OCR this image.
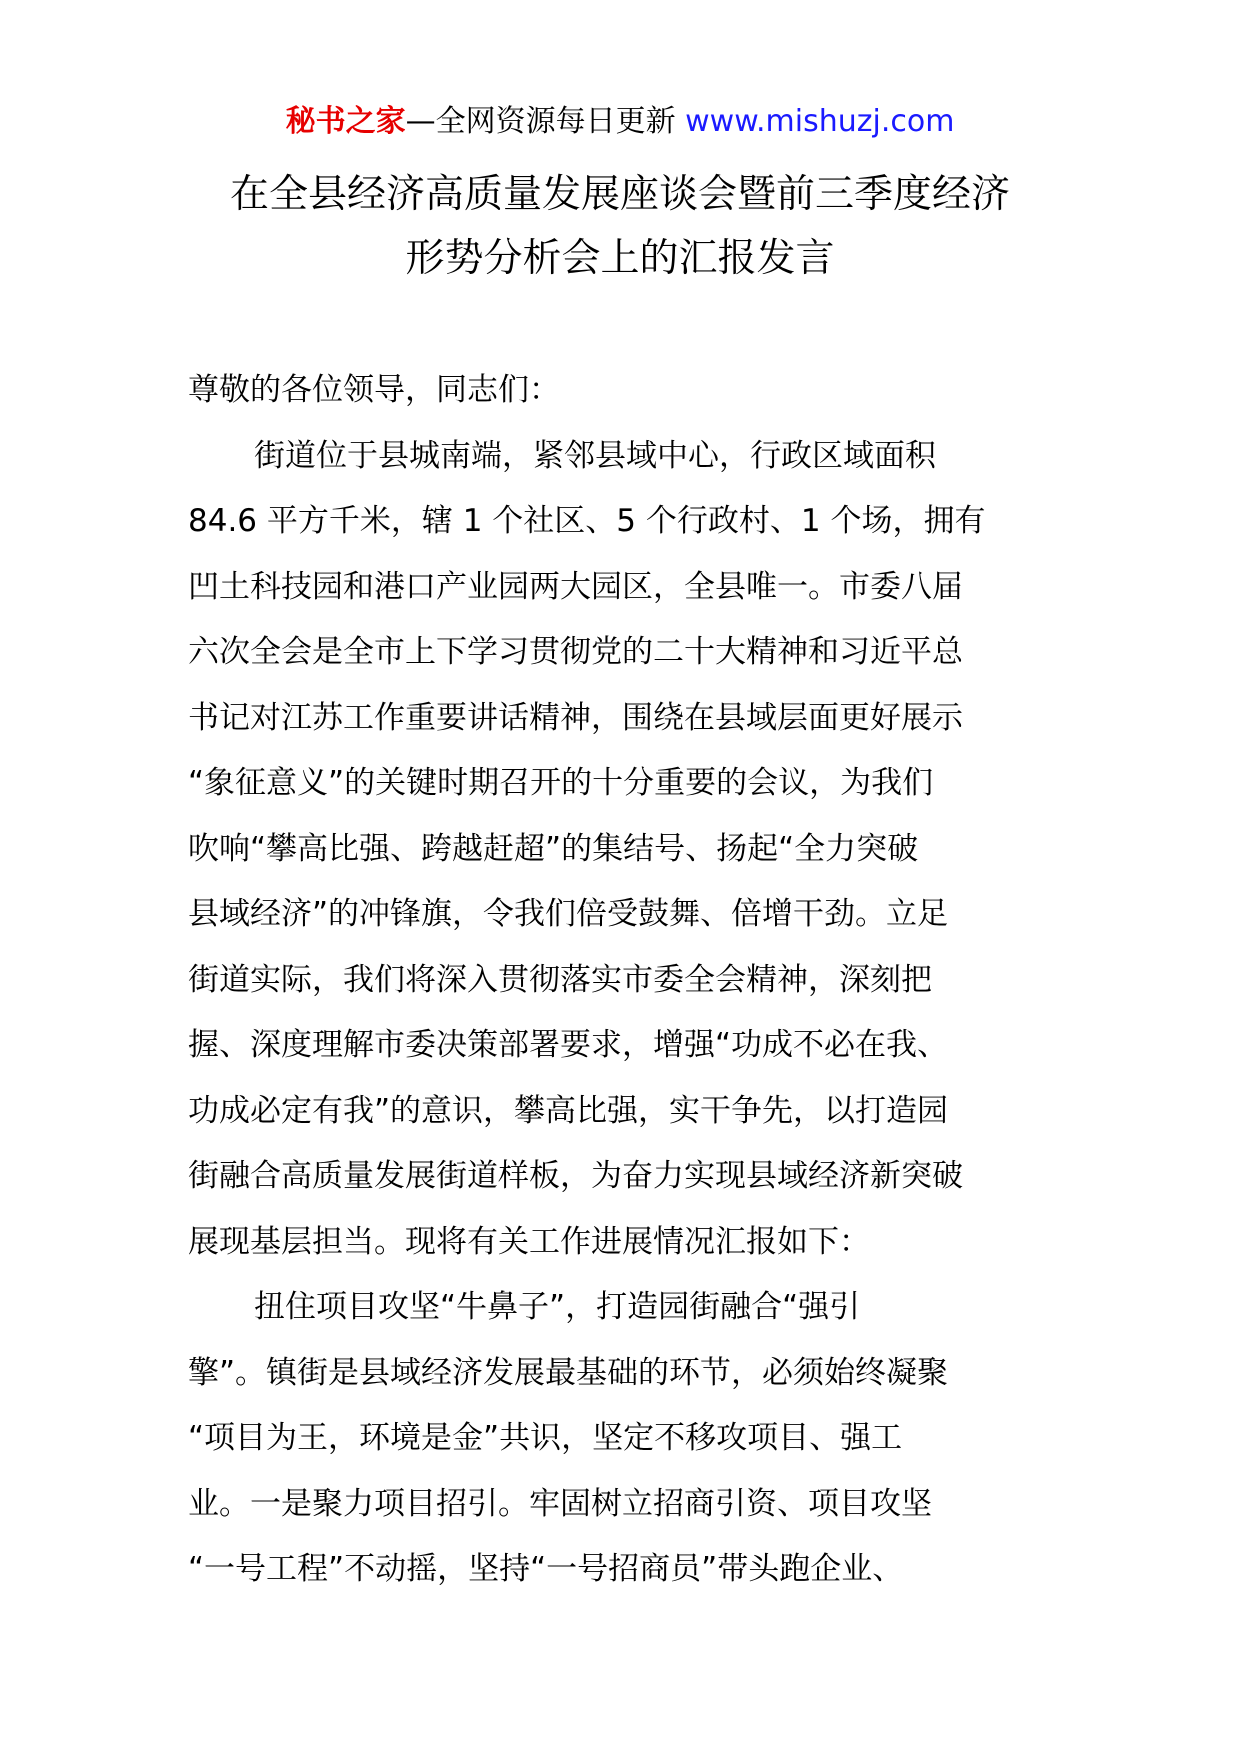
秘书之家—全网资源每日更新 www.mishuzj.com
在全县经济高质量发展座谈会暨前三季度经济
形势分析会上的汇报发言
尊敬的各位领导，同志们：
街道位于县城南端，紧邻县域中心，行政区域面积
84.6 平方千米，辖 1 个社区、5 个行政村、1 个场，拥有
凹土科技园和港口产业园两大园区，全县唯一。市委八届
六次全会是全市上下学习贯彻党的二十大精神和习近平总
书记对江苏工作重要讲话精神，围绕在县域层面更好展示
“象征意义”的关键时期召开的十分重要的会议，为我们
吹响“攀高比强、跨越赶超”的集结号、扬起“全力突破
县域经济”的冲锋旗，令我们倍受鼓舞、倍增干劲。立足
街道实际，我们将深入贯彻落实市委全会精神，深刻把
握、深度理解市委决策部署要求，增强“功成不必在我、
功成必定有我”的意识，攀高比强，实干争先，以打造园
街融合高质量发展街道样板，为奋力实现县域经济新突破
展现基层担当。现将有关工作进展情况汇报如下：
扭住项目攻坚“牛鼻子”，打造园街融合“强引
擎”。镇街是县域经济发展最基础的环节，必须始终凝聚
“项目为王，环境是金”共识，坚定不移攻项目、强工
业。一是聚力项目招引。牢固树立招商引资、项目攻坚
“一号工程”不动摇，坚持“一号招商员”带头跑企业、
